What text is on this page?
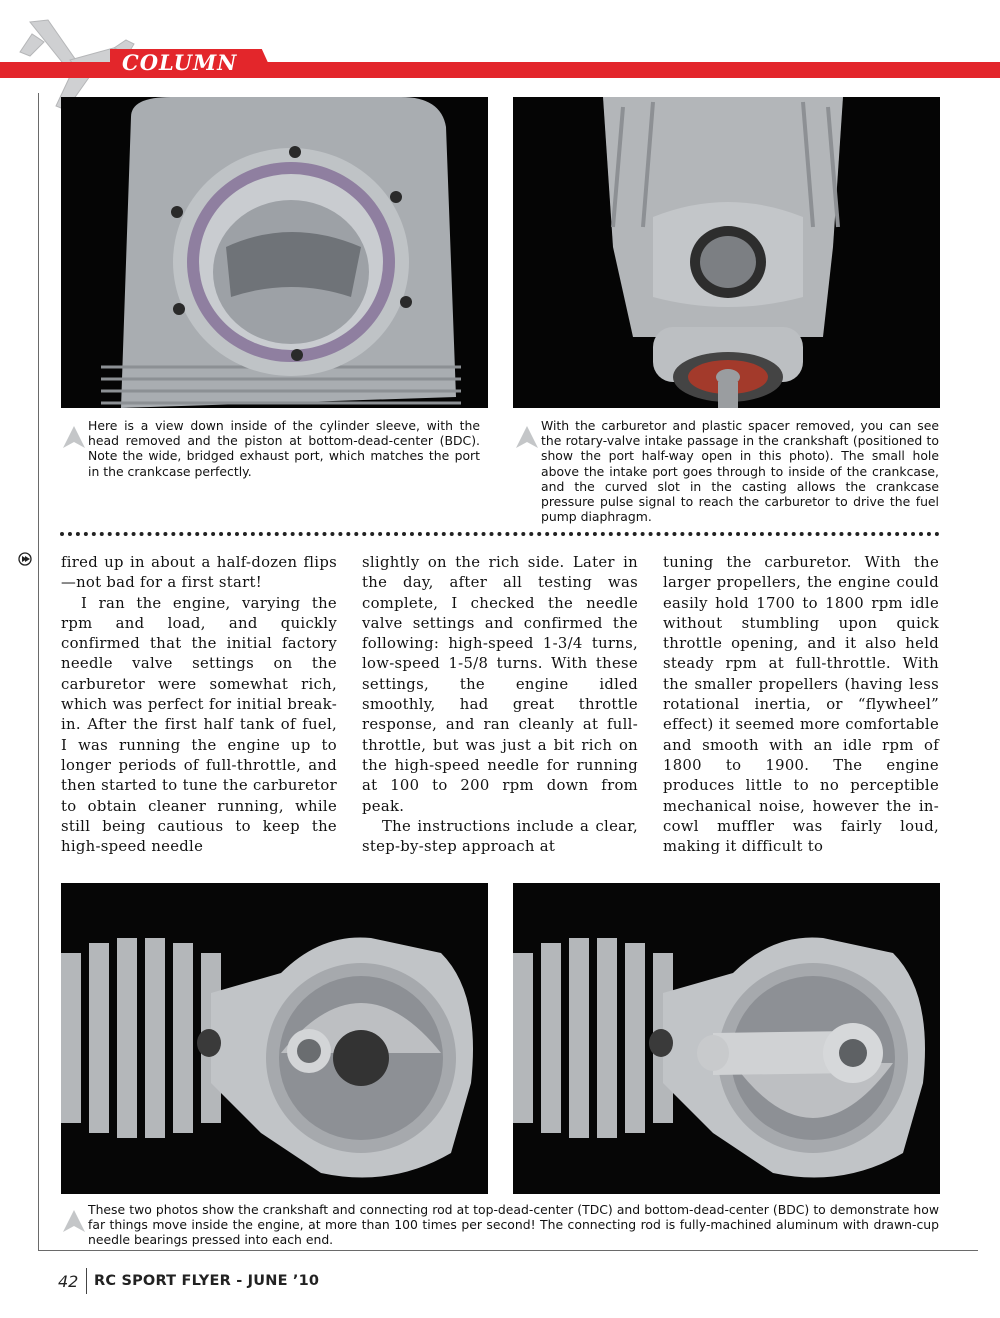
COLUMN
Here is a view down inside of the cylinder sleeve, with the head removed and the piston at bottom-dead-center (BDC). Note the wide, bridged exhaust port, which matches the port in the crankcase perfectly.
With the carburetor and plastic spacer removed, you can see the rotary-valve intake passage in the crankshaft (positioned to show the port half-way open in this photo). The small hole above the intake port goes through to inside of the crankcase, and the curved slot in the casting allows the crankcase pressure pulse signal to reach the carburetor to drive the fuel pump diaphragm.

fired up in about a half-dozen flips—not bad for a first start!

I ran the engine, varying the rpm and load, and quickly confirmed that the initial factory needle valve settings on the carburetor were somewhat rich, which was perfect for initial break-in. After the first half tank of fuel, I was running the engine up to longer periods of full-throttle, and then started to tune the carburetor to obtain cleaner running, while still being cautious to keep the high-speed needle

slightly on the rich side. Later in the day, after all testing was complete, I checked the needle valve settings and confirmed the following: high-speed 1-3/4 turns, low-speed 1-5/8 turns. With these settings, the engine idled smoothly, had great throttle response, and ran cleanly at full-throttle, but was just a bit rich on the high-speed needle for running at 100 to 200 rpm down from peak.

The instructions include a clear, step-by-step approach at

tuning the carburetor. With the larger propellers, the engine could easily hold 1700 to 1800 rpm idle without stumbling upon quick throttle opening, and it also held steady rpm at full-throttle. With the smaller propellers (having less rotational inertia, or “flywheel” effect) it seemed more comfortable and smooth with an idle rpm of 1800 to 1900. The engine produces little to no perceptible mechanical noise, however the in-cowl muffler was fairly loud, making it difficult to

These two photos show the crankshaft and connecting rod at top-dead-center (TDC) and bottom-dead-center (BDC) to demonstrate how far things move inside the engine, at more than 100 times per second! The connecting rod is fully-machined aluminum with drawn-cup needle bearings pressed into each end.
42 RC SPORT FLYER - JUNE ’10
